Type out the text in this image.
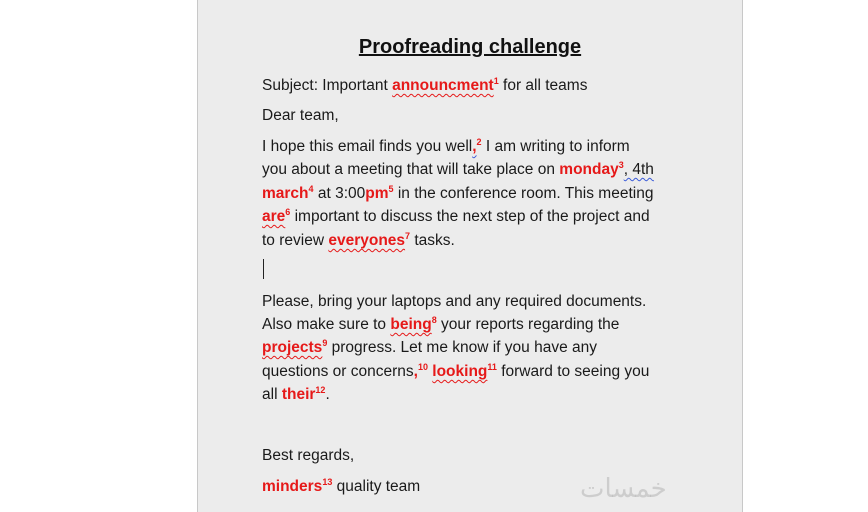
Proofreading challenge
Subject: Important announcment$^1$ for all teams
Dear team,
I hope this email finds you well,$^2$ I am writing to inform
you about a meeting that will take place on monday$^3$, 4th
march$^4$ at $3:00pm^5$ in the conference room. This meeting
are$^6$ important to discuss the next step of the project and
to review everyones$^7$ tasks.
Please, bring your laptops and any required documents.
Also make sure to being$^8$ your reports regarding the
projects$^9$ progress. Let me know if you have any
questions or concerns,$^{10}$ looking$^{11}$ forward to seeing you
all their$^{12}$.
Best regards,
minders$^{13}$ quality team	خمسات
